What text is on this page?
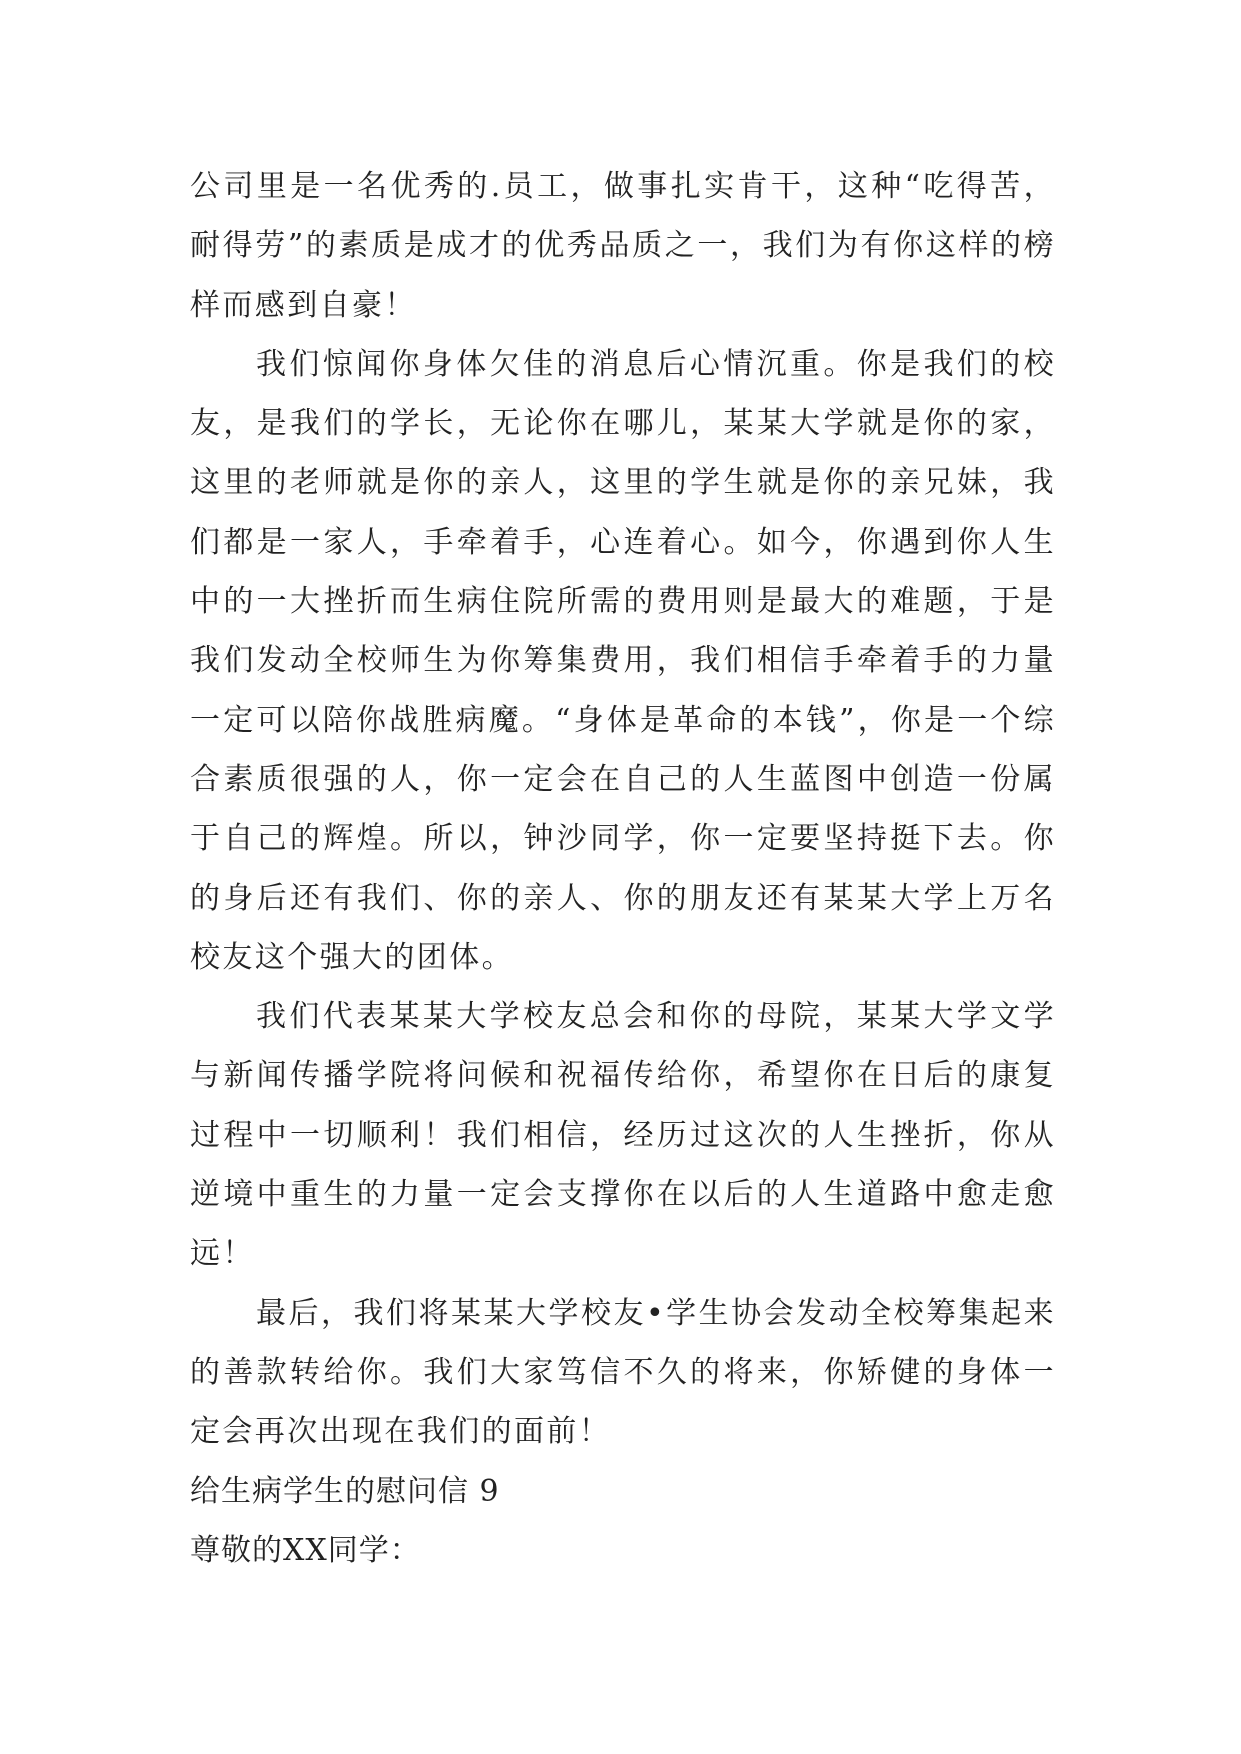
公司里是一名优秀的.员工，做事扎实肯干，这种“吃得苦，耐得劳”的素质是成才的优秀品质之一，我们为有你这样的榜样而感到自豪！

我们惊闻你身体欠佳的消息后心情沉重。你是我们的校友，是我们的学长，无论你在哪儿，某某大学就是你的家，这里的老师就是你的亲人，这里的学生就是你的亲兄妹，我们都是一家人，手牵着手，心连着心。如今，你遇到你人生中的一大挫折而生病住院所需的费用则是最大的难题，于是我们发动全校师生为你筹集费用，我们相信手牵着手的力量一定可以陪你战胜病魔。“身体是革命的本钱”，你是一个综合素质很强的人，你一定会在自己的人生蓝图中创造一份属于自己的辉煌。所以，钟沙同学，你一定要坚持挺下去。你的身后还有我们、你的亲人、你的朋友还有某某大学上万名校友这个强大的团体。

我们代表某某大学校友总会和你的母院，某某大学文学与新闻传播学院将问候和祝福传给你，希望你在日后的康复过程中一切顺利！我们相信，经历过这次的人生挫折，你从逆境中重生的力量一定会支撑你在以后的人生道路中愈走愈远！

最后，我们将某某大学校友•学生协会发动全校筹集起来的善款转给你。我们大家笃信不久的将来，你矫健的身体一定会再次出现在我们的面前！

给生病学生的慰问信 9

尊敬的XX同学：
